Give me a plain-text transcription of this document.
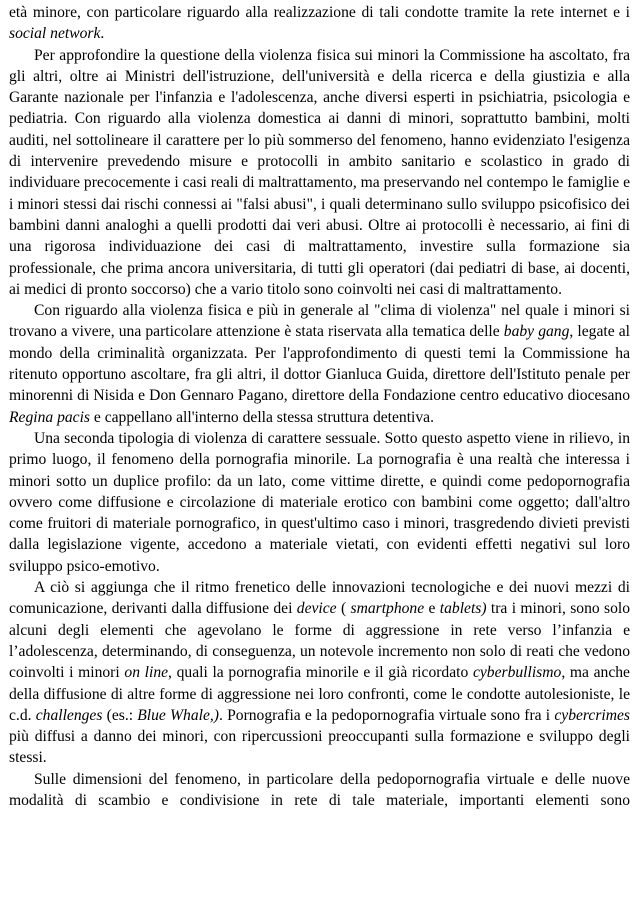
età minore, con particolare riguardo alla realizzazione di tali condotte tramite la rete internet e i social network.

Per approfondire la questione della violenza fisica sui minori la Commissione ha ascoltato, fra gli altri, oltre ai Ministri dell'istruzione, dell'università e della ricerca e della giustizia e alla Garante nazionale per l'infanzia e l'adolescenza, anche diversi esperti in psichiatria, psicologia e pediatria. Con riguardo alla violenza domestica ai danni di minori, soprattutto bambini, molti auditi, nel sottolineare il carattere per lo più sommerso del fenomeno, hanno evidenziato l'esigenza di intervenire prevedendo misure e protocolli in ambito sanitario e scolastico in grado di individuare precocemente i casi reali di maltrattamento, ma preservando nel contempo le famiglie e i minori stessi dai rischi connessi ai "falsi abusi", i quali determinano sullo sviluppo psicofisico dei bambini danni analoghi a quelli prodotti dai veri abusi. Oltre ai protocolli è necessario, ai fini di una rigorosa individuazione dei casi di maltrattamento, investire sulla formazione sia professionale, che prima ancora universitaria, di tutti gli operatori (dai pediatri di base, ai docenti, ai medici di pronto soccorso) che a vario titolo sono coinvolti nei casi di maltrattamento.

Con riguardo alla violenza fisica e più in generale al "clima di violenza" nel quale i minori si trovano a vivere, una particolare attenzione è stata riservata alla tematica delle baby gang, legate al mondo della criminalità organizzata. Per l'approfondimento di questi temi la Commissione ha ritenuto opportuno ascoltare, fra gli altri, il dottor Gianluca Guida, direttore dell'Istituto penale per minorenni di Nisida e Don Gennaro Pagano, direttore della Fondazione centro educativo diocesano Regina pacis e cappellano all'interno della stessa struttura detentiva.

Una seconda tipologia di violenza di carattere sessuale. Sotto questo aspetto viene in rilievo, in primo luogo, il fenomeno della pornografia minorile. La pornografia è una realtà che interessa i minori sotto un duplice profilo: da un lato, come vittime dirette, e quindi come pedopornografia ovvero come diffusione e circolazione di materiale erotico con bambini come oggetto; dall'altro come fruitori di materiale pornografico, in quest'ultimo caso i minori, trasgredendo divieti previsti dalla legislazione vigente, accedono a materiale vietati, con evidenti effetti negativi sul loro sviluppo psico-emotivo.

A ciò si aggiunga che il ritmo frenetico delle innovazioni tecnologiche e dei nuovi mezzi di comunicazione, derivanti dalla diffusione dei device ( smartphone e tablets) tra i minori, sono solo alcuni degli elementi che agevolano le forme di aggressione in rete verso l’infanzia e l’adolescenza, determinando, di conseguenza, un notevole incremento non solo di reati che vedono coinvolti i minori on line, quali la pornografia minorile e il già ricordato cyberbullismo, ma anche della diffusione di altre forme di aggressione nei loro confronti, come le condotte autolesioniste, le c.d. challenges (es.: Blue Whale,). Pornografia e la pedopornografia virtuale sono fra i cybercrimes più diffusi a danno dei minori, con ripercussioni preoccupanti sulla formazione e sviluppo degli stessi.

Sulle dimensioni del fenomeno, in particolare della pedopornografia virtuale e delle nuove modalità di scambio e condivisione in rete di tale materiale, importanti elementi sono
